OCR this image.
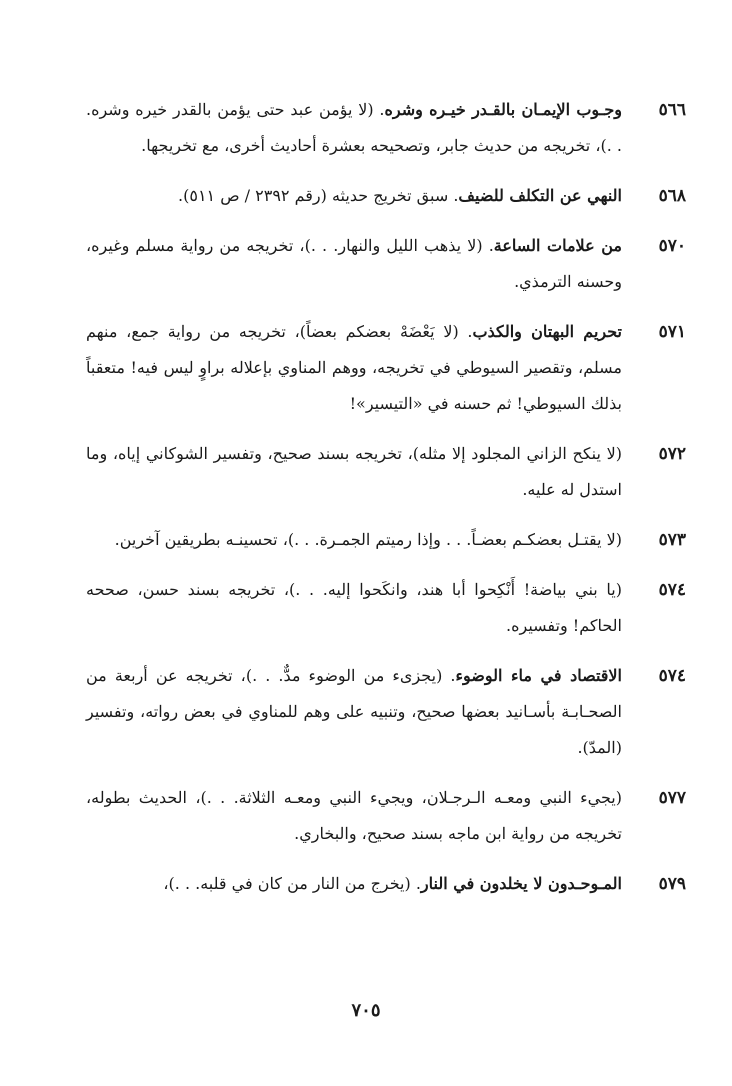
٥٦٦
وجـوب الإيمـان بالقـدر خيـره وشره. (لا يؤمن عبد حتى يؤمن بالقدر خيره وشره. . .)، تخريجه من حديث جابر، وتصحيحه بعشرة أحاديث أخرى، مع تخريجها.
٥٦٨
النهي عن التكلف للضيف. سبق تخريج حديثه (رقم ٢٣٩٢ / ص ٥١١).
٥٧٠
من علامات الساعة. (لا يذهب الليل والنهار. . .)، تخريجه من رواية مسلم وغيره، وحسنه الترمذي.
٥٧١
تحريم البهتان والكذب. (لا يَعْضَهْ بعضكم بعضاً)، تخريجه من رواية جمع، منهم مسلم، وتقصير السيوطي في تخريجه، ووهم المناوي بإعلاله براوٍ ليس فيه! متعقباً بذلك السيوطي! ثم حسنه في «التيسير»!
٥٧٢
(لا ينكح الزاني المجلود إلا مثله)، تخريجه بسند صحيح، وتفسير الشوكاني إياه، وما استدل له عليه.
٥٧٣
(لا يقتـل بعضكـم بعضـاً. . . وإذا رميتم الجمـرة. . .)، تحسينـه بطريقين آخرين.
٥٧٤
(يا بني بياضة! أَنْكِحوا أبا هند، وانكَحوا إليه. . .)، تخريجه بسند حسن، صححه الحاكم! وتفسيره.
٥٧٤
الاقتصاد في ماء الوضوء. (يجزىء من الوضوء مدٌّ. . .)، تخريجه عن أربعة من الصحـابـة بأسـانيد بعضها صحيح، وتنبيه على وهم للمناوي في بعض رواته، وتفسير (المدّ).
٥٧٧
(يجيء النبي ومعـه الـرجـلان، ويجيء النبي ومعـه الثلاثة. . .)، الحديث بطوله، تخريجه من رواية ابن ماجه بسند صحيح، والبخاري.
٥٧٩
المـوحـدون لا يخلدون في النار. (يخرج من النار من كان في قلبه. . .)،
٧٠٥
